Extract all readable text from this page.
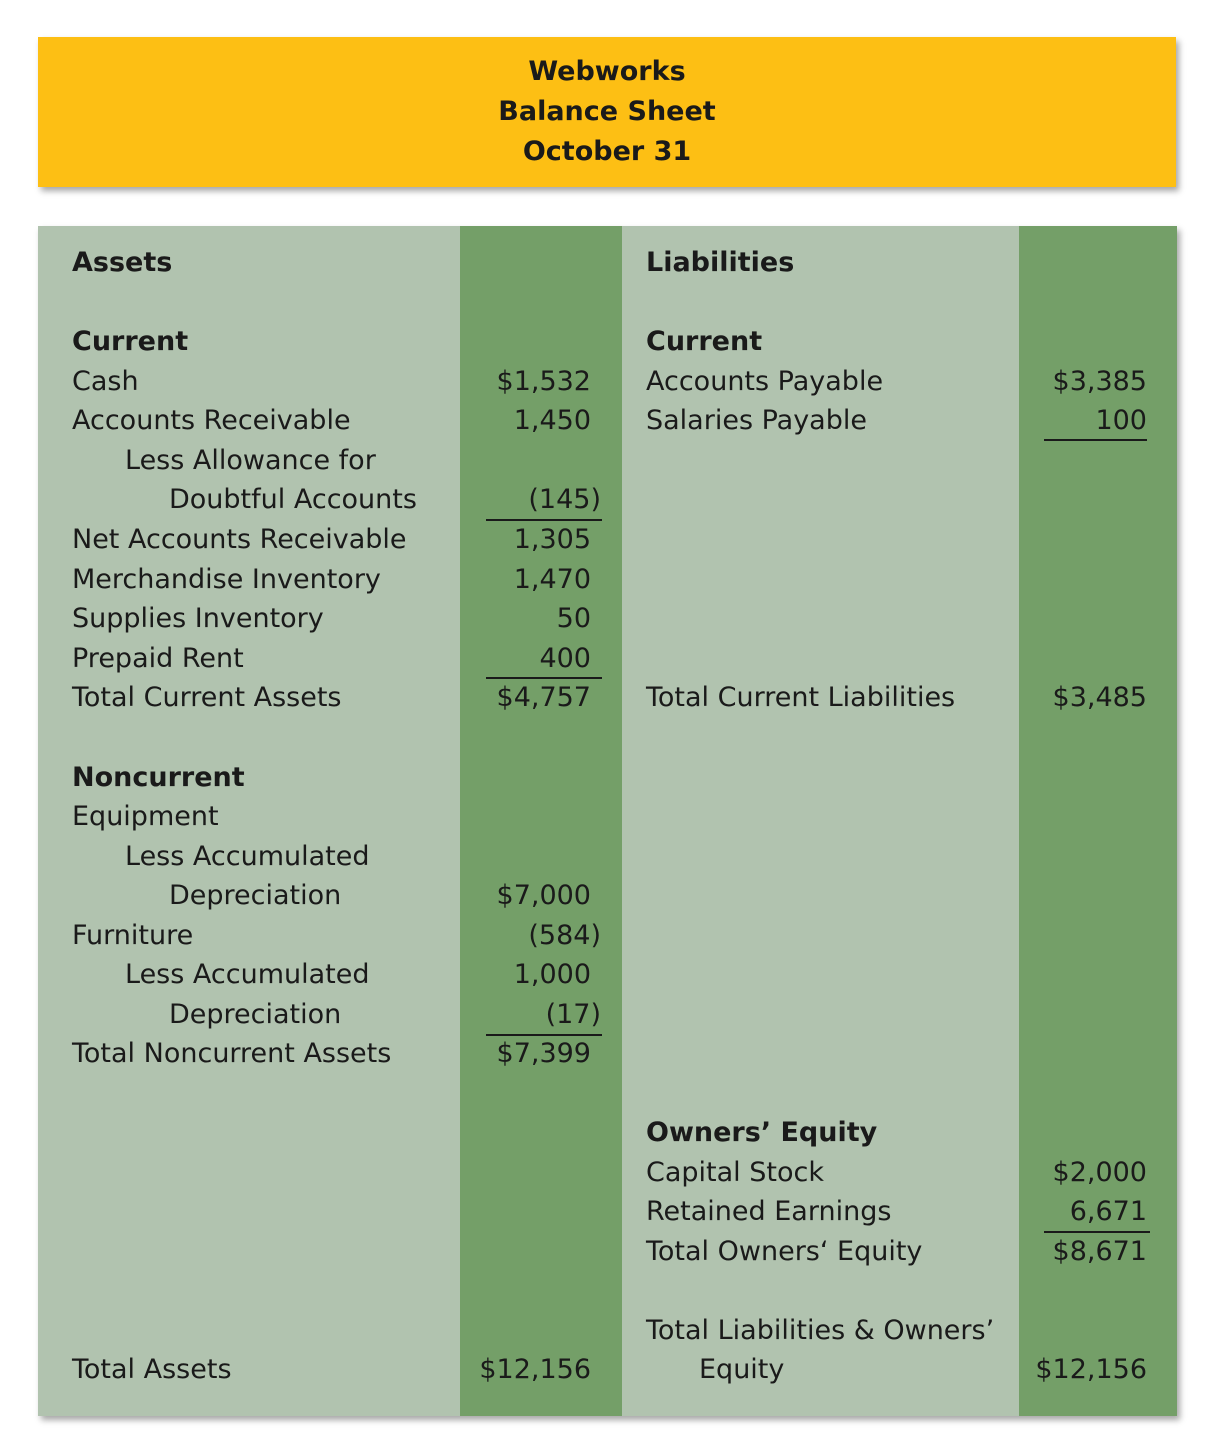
Webworks
Balance Sheet
October 31
Assets
Current
Cash	$1,532
Accounts Receivable	1,450
Less Allowance for
Doubtful Accounts	(145)
Net Accounts Receivable	1,305
Merchandise Inventory	1,470
Supplies Inventory	50
Prepaid Rent	400
Total Current Assets	$4,757
Noncurrent
Equipment
Less Accumulated
Depreciation	$7,000
Furniture	(584)
Less Accumulated	1,000
Depreciation	(17)
Total Noncurrent Assets	$7,399
Total Assets	$12,156
Liabilities
Current
Accounts Payable	$3,385
Salaries Payable	100
Total Current Liabilities	$3,485
Owners’ Equity
Capital Stock	$2,000
Retained Earnings	6,671
Total Owners‘ Equity	$8,671
Total Liabilities & Owners’
Equity	$12,156
